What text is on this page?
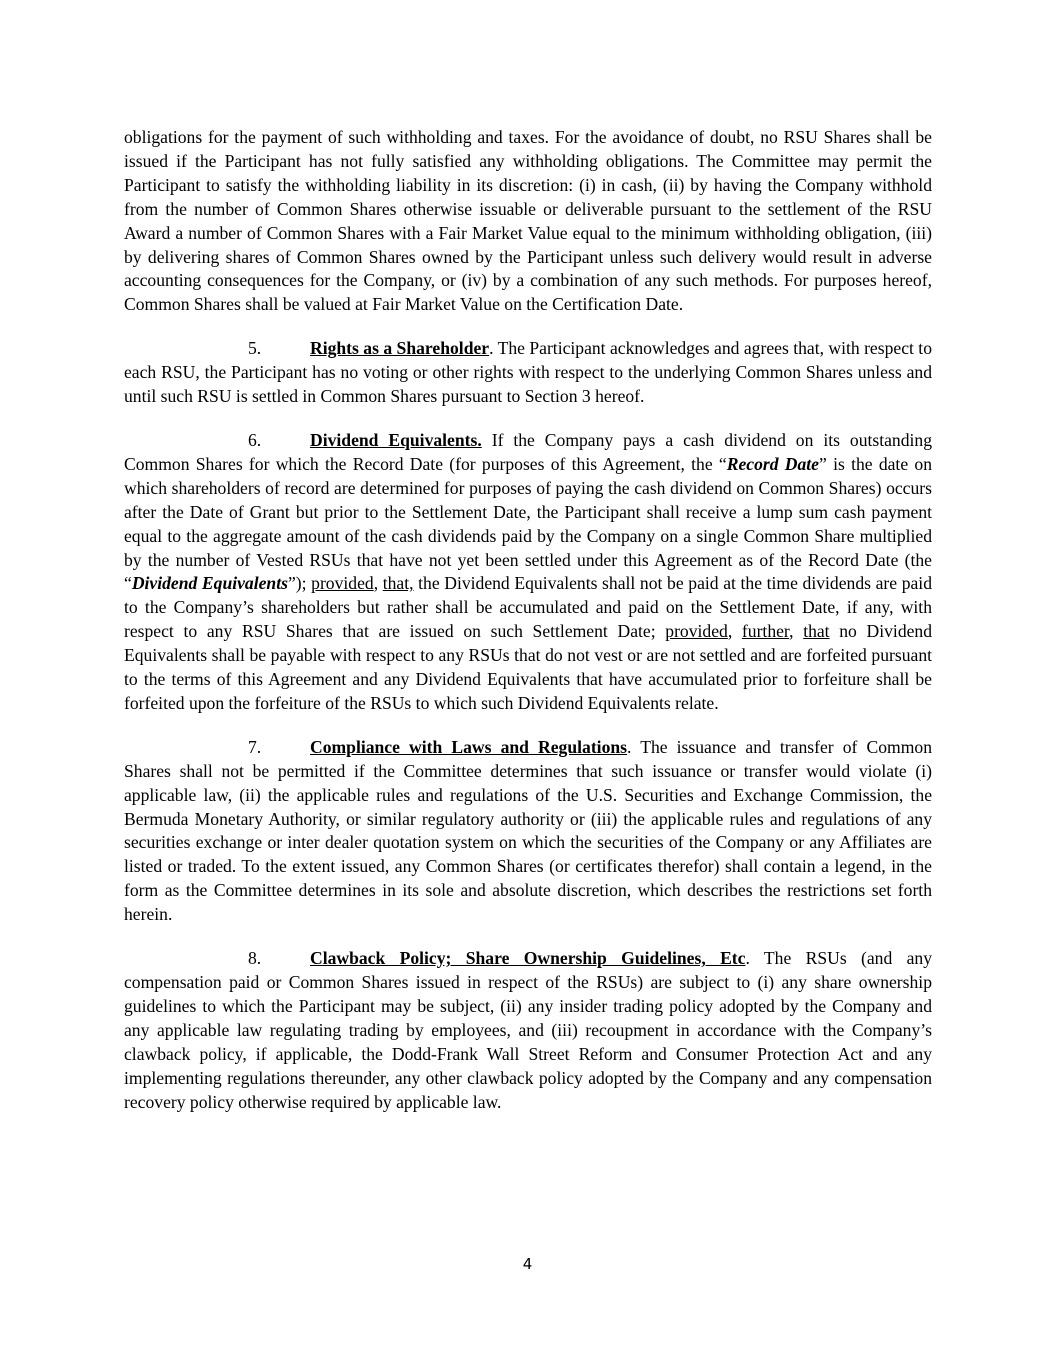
obligations for the payment of such withholding and taxes. For the avoidance of doubt, no RSU Shares shall be issued if the Participant has not fully satisfied any withholding obligations. The Committee may permit the Participant to satisfy the withholding liability in its discretion: (i) in cash, (ii) by having the Company withhold from the number of Common Shares otherwise issuable or deliverable pursuant to the settlement of the RSU Award a number of Common Shares with a Fair Market Value equal to the minimum withholding obligation, (iii) by delivering shares of Common Shares owned by the Participant unless such delivery would result in adverse accounting consequences for the Company, or (iv) by a combination of any such methods. For purposes hereof, Common Shares shall be valued at Fair Market Value on the Certification Date.

5.	Rights as a Shareholder. The Participant acknowledges and agrees that, with respect to each RSU, the Participant has no voting or other rights with respect to the underlying Common Shares unless and until such RSU is settled in Common Shares pursuant to Section 3 hereof.

6.	Dividend Equivalents. If the Company pays a cash dividend on its outstanding Common Shares for which the Record Date (for purposes of this Agreement, the “Record Date” is the date on which shareholders of record are determined for purposes of paying the cash dividend on Common Shares) occurs after the Date of Grant but prior to the Settlement Date, the Participant shall receive a lump sum cash payment equal to the aggregate amount of the cash dividends paid by the Company on a single Common Share multiplied by the number of Vested RSUs that have not yet been settled under this Agreement as of the Record Date (the “Dividend Equivalents”); provided, that, the Dividend Equivalents shall not be paid at the time dividends are paid to the Company’s shareholders but rather shall be accumulated and paid on the Settlement Date, if any, with respect to any RSU Shares that are issued on such Settlement Date; provided, further, that no Dividend Equivalents shall be payable with respect to any RSUs that do not vest or are not settled and are forfeited pursuant to the terms of this Agreement and any Dividend Equivalents that have accumulated prior to forfeiture shall be forfeited upon the forfeiture of the RSUs to which such Dividend Equivalents relate.

7.	Compliance with Laws and Regulations. The issuance and transfer of Common Shares shall not be permitted if the Committee determines that such issuance or transfer would violate (i) applicable law, (ii) the applicable rules and regulations of the U.S. Securities and Exchange Commission, the Bermuda Monetary Authority, or similar regulatory authority or (iii) the applicable rules and regulations of any securities exchange or inter dealer quotation system on which the securities of the Company or any Affiliates are listed or traded. To the extent issued, any Common Shares (or certificates therefor) shall contain a legend, in the form as the Committee determines in its sole and absolute discretion, which describes the restrictions set forth herein.

8.	Clawback Policy; Share Ownership Guidelines, Etc. The RSUs (and any compensation paid or Common Shares issued in respect of the RSUs) are subject to (i) any share ownership guidelines to which the Participant may be subject, (ii) any insider trading policy adopted by the Company and any applicable law regulating trading by employees, and (iii) recoupment in accordance with the Company’s clawback policy, if applicable, the Dodd-Frank Wall Street Reform and Consumer Protection Act and any implementing regulations thereunder, any other clawback policy adopted by the Company and any compensation recovery policy otherwise required by applicable law.

4
